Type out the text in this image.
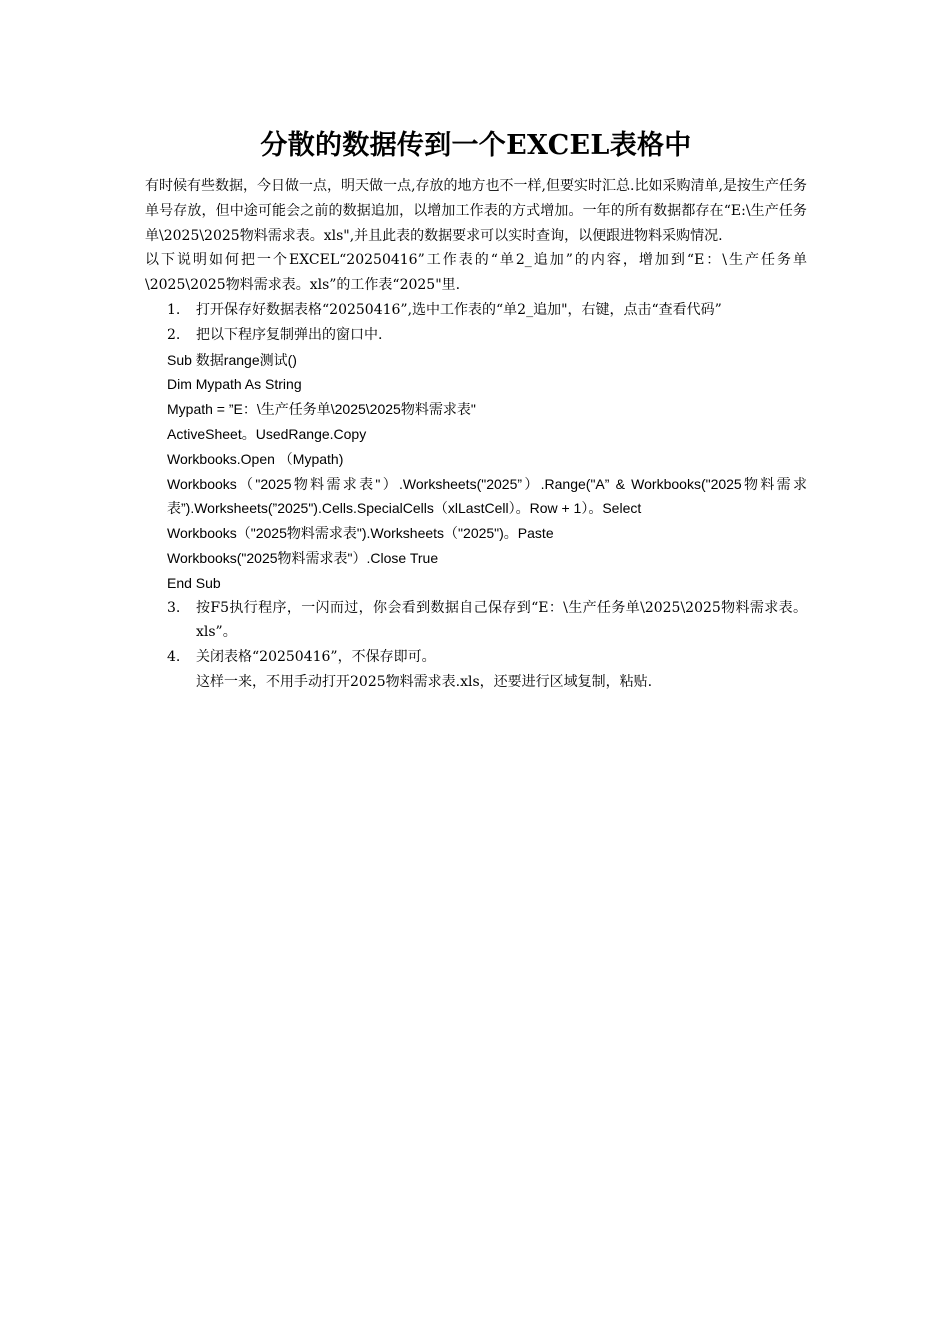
分散的数据传到一个EXCEL表格中

有时候有些数据，今日做一点，明天做一点,存放的地方也不一样,但要实时汇总.比如采购清单,是按生产任务单号存放，但中途可能会之前的数据追加，以增加工作表的方式增加。一年的所有数据都存在“E:\生产任务单\2025\2025物料需求表。xls",并且此表的数据要求可以实时查询，以便跟进物料采购情况.

以下说明如何把一个EXCEL“20250416”工作表的“单2_追加”的内容，增加到“E：\生产任务单\2025\2025物料需求表。xls”的工作表“2025"里.

1. 打开保存好数据表格“20250416”,选中工作表的“单2_追加"，右键，点击“查看代码”
2. 把以下程序复制弹出的窗口中.
Sub 数据range测试()
Dim Mypath As String
Mypath = ”E：\生产任务单\2025\2025物料需求表"
ActiveSheet。UsedRange.Copy
Workbooks.Open （Mypath)
Workbooks（"2025物料需求表"）.Worksheets("2025”）.Range("A” & Workbooks("2025物料需求表”).Worksheets(”2025").Cells.SpecialCells（xlLastCell）。Row + 1）。Select
Workbooks（"2025物料需求表").Worksheets（"2025")。Paste
Workbooks("2025物料需求表"）.Close True
End Sub
3. 按F5执行程序，一闪而过，你会看到数据自己保存到“E：\生产任务单\2025\2025物料需求表。xls”。
4. 关闭表格“20250416”，不保存即可。
这样一来，不用手动打开2025物料需求表.xls，还要进行区域复制，粘贴.
